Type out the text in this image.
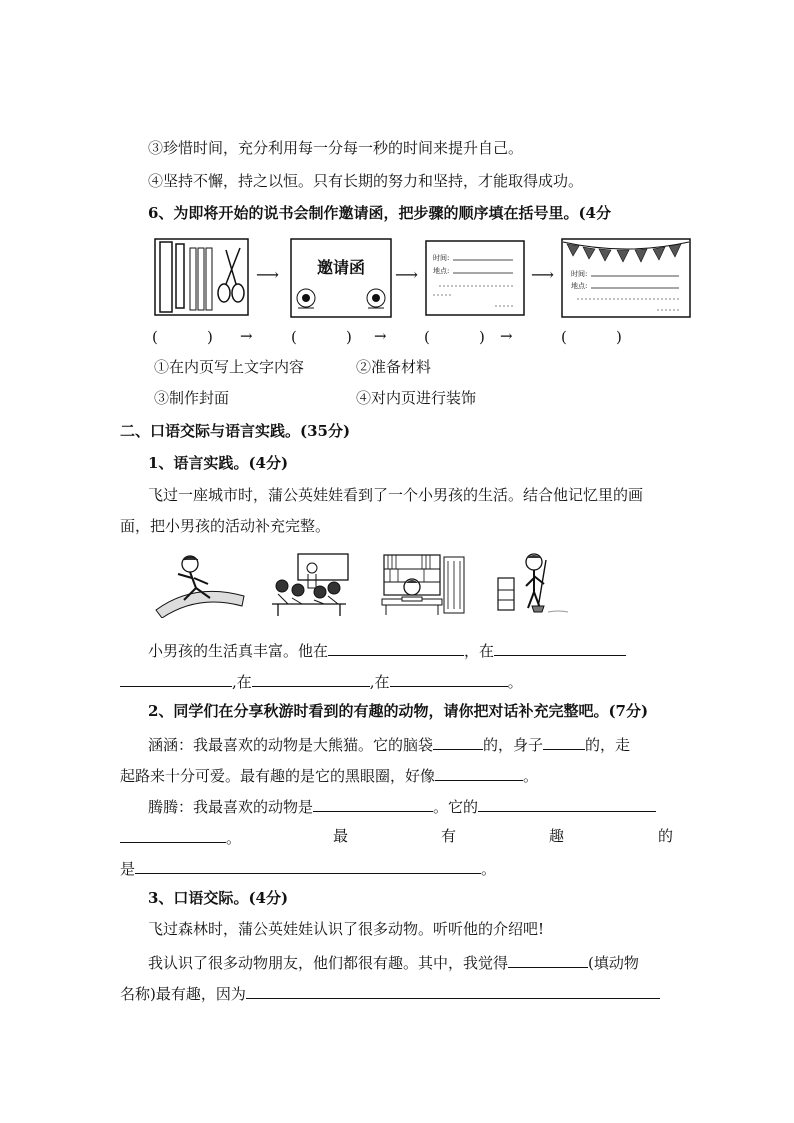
③珍惜时间，充分利用每一分每一秒的时间来提升自己。
④坚持不懈，持之以恒。只有长期的努力和坚持，才能取得成功。
6、为即将开始的说书会制作邀请函，把步骤的顺序填在括号里。(4分
⟶ 邀请函 ⟶
时间:
地点:	⟶ 时间:
地点:
(	) →	(	) → (	) →	(	)
①在内页写上文字内容	②准备材料
③制作封面	④对内页进行装饰
二、口语交际与语言实践。(35分)
1、语言实践。(4分)
飞过一座城市时，蒲公英娃娃看到了一个小男孩的生活。结合他记忆里的画
面，把小男孩的活动补充完整。
小男孩的生活真丰富。他在	，在
,在	,在	。
2、同学们在分享秋游时看到的有趣的动物，请你把对话补充完整吧。(7分)
涵涵：我最喜欢的动物是大熊猫。它的脑袋	的，身子	的，走
起路来十分可爱。最有趣的是它的黑眼圈，好像	。
腾腾：我最喜欢的动物是	。它的
。	最	有	趣	的
是	。
3、口语交际。(4分)
飞过森林时，蒲公英娃娃认识了很多动物。听听他的介绍吧!
我认识了很多动物朋友，他们都很有趣。其中，我觉得	(填动物
名称)最有趣，因为
